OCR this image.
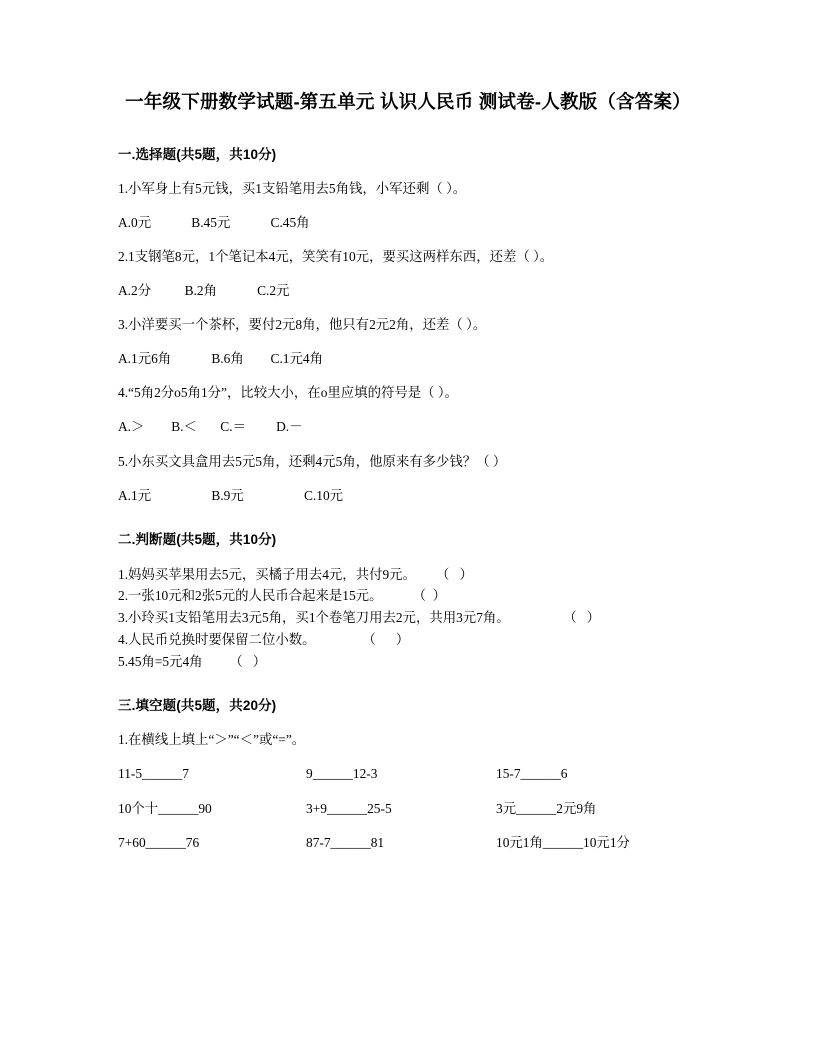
一年级下册数学试题-第五单元 认识人民币 测试卷-人教版（含答案）
一.选择题(共5题，共10分)

1.小军身上有5元钱，买1支铅笔用去5角钱，小军还剩（ ）。

A.0元            B.45元            C.45角

2.1支钢笔8元，1个笔记本4元，笑笑有10元，要买这两样东西，还差（ ）。

A.2分          B.2角            C.2元

3.小洋要买一个茶杯，要付2元8角，他只有2元2角，还差（ ）。

A.1元6角            B.6角        C.1元4角

4.“5角2分ο5角1分”，比较大小，在ο里应填的符号是（ ）。

A.＞        B.＜       C.＝         D.－

5.小东买文具盒用去5元5角，还剩4元5角，他原来有多少钱？（ ）

A.1元                  B.9元                  C.10元

二.判断题(共5题，共10分)

1.妈妈买苹果用去5元，买橘子用去4元，共付9元。      （   ）

2.一张10元和2张5元的人民币合起来是15元。         （  ）

3.小玲买1支铅笔用去3元5角，买1个卷笔刀用去2元，共用3元7角。                （   ）

4.人民币兑换时要保留二位小数。              （      ）

5.45角=5元4角        （   ）

三.填空题(共5题，共20分)

1.在横线上填上“＞”“＜”或“=”。

11-5______7	9______12-3	15-7______6
10个十______90	3+9______25-5	3元______2元9角
7+60______76	87-7______81	10元1角______10元1分
